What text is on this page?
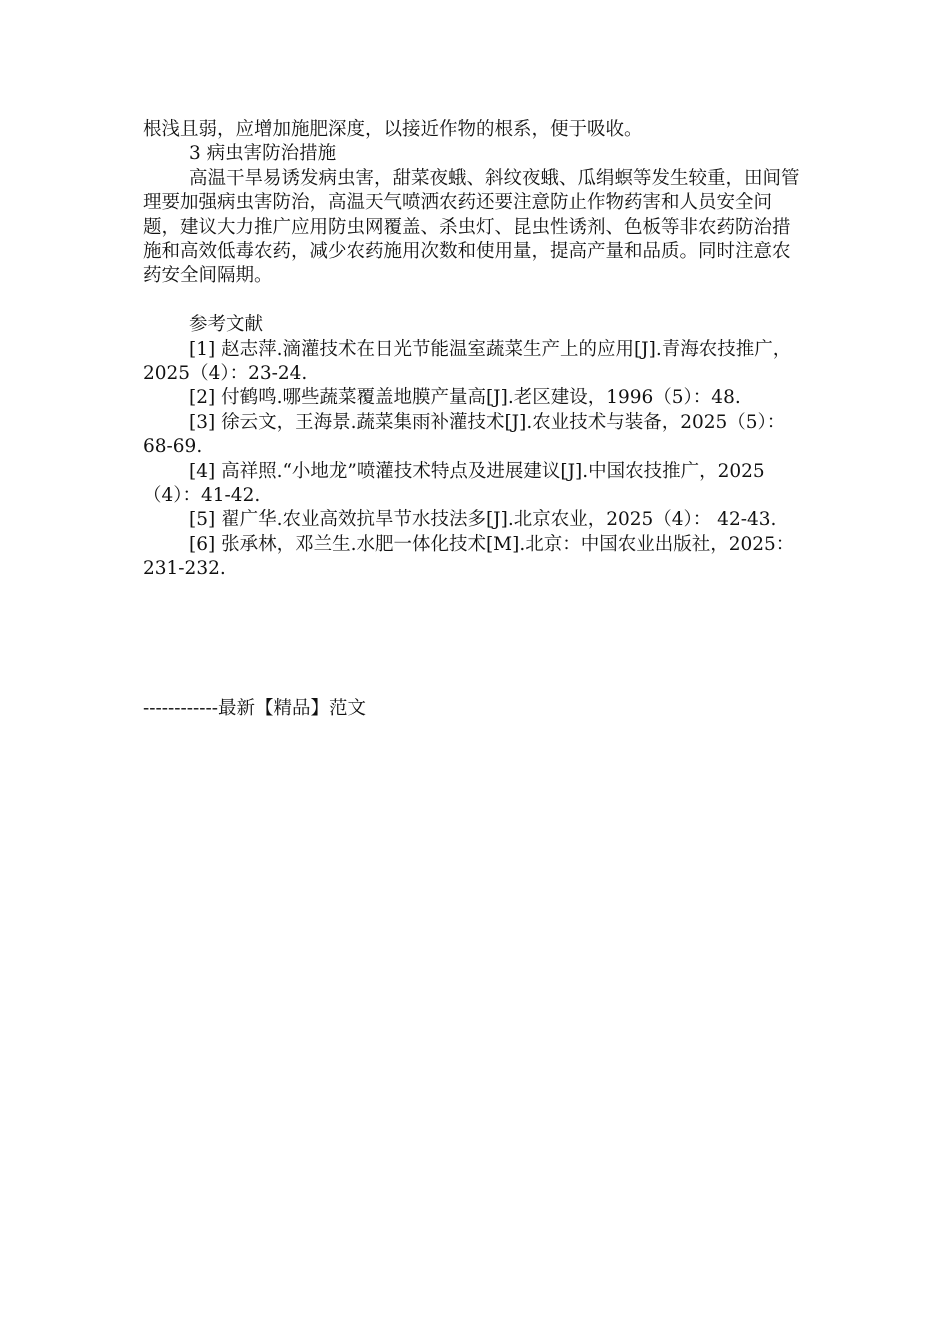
根浅且弱，应增加施肥深度，以接近作物的根系，便于吸收。

3 病虫害防治措施

高温干旱易诱发病虫害，甜菜夜蛾、斜纹夜蛾、瓜绢螟等发生较重，田间管理要加强病虫害防治，高温天气喷洒农药还要注意防止作物药害和人员安全问题，建议大力推广应用防虫网覆盖、杀虫灯、昆虫性诱剂、色板等非农药防治措施和高效低毒农药，减少农药施用次数和使用量，提高产量和品质。同时注意农药安全间隔期。

参考文献

[1] 赵志萍.滴灌技术在日光节能温室蔬菜生产上的应用[J].青海农技推广，2025（4）：23-24.

[2] 付鹤鸣.哪些蔬菜覆盖地膜产量高[J].老区建设，1996（5）：48.

[3] 徐云文，王海景.蔬菜集雨补灌技术[J].农业技术与装备，2025（5）：68-69.

[4] 高祥照.“小地龙”喷灌技术特点及进展建议[J].中国农技推广，2025（4）：41-42.

[5] 翟广华.农业高效抗旱节水技法多[J].北京农业，2025（4）： 42-43.

[6] 张承林，邓兰生.水肥一体化技术[M].北京：中国农业出版社，2025：231-232.

------------最新【精品】范文
